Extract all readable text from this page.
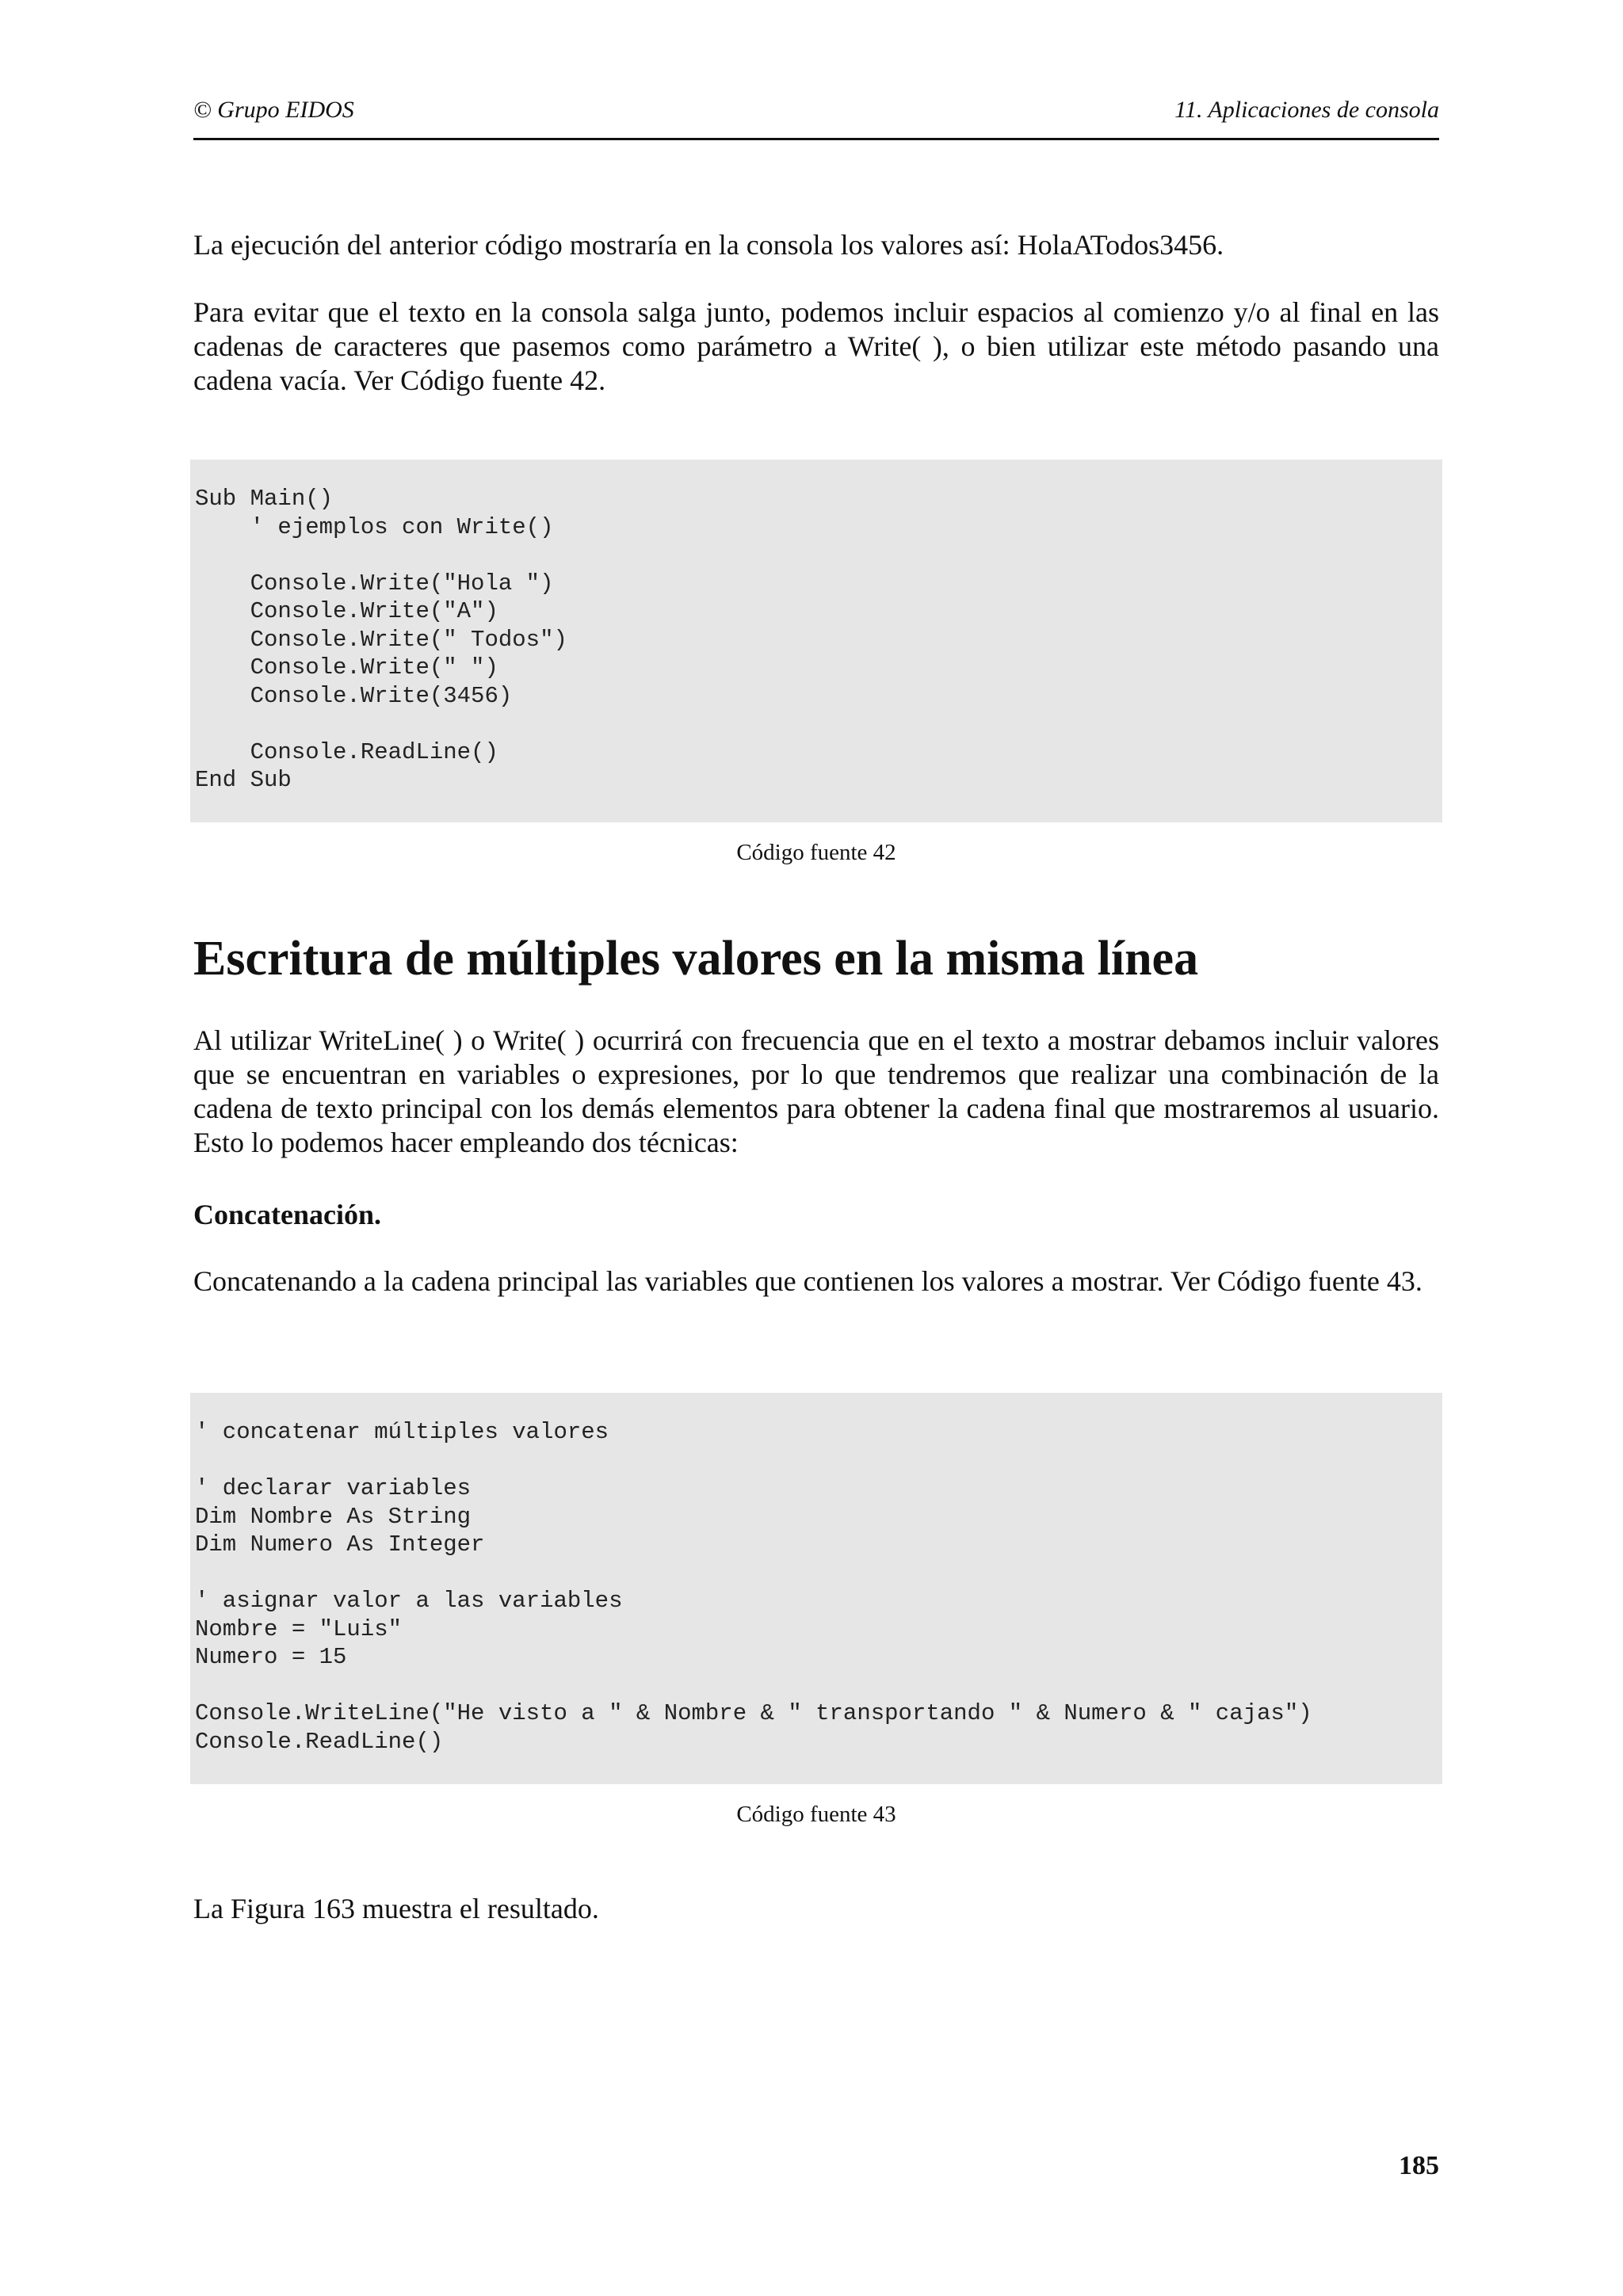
© Grupo EIDOS	11. Aplicaciones de consola

La ejecución del anterior código mostraría en la consola los valores así: HolaATodos3456.

Para evitar que el texto en la consola salga junto, podemos incluir espacios al comienzo y/o al final en las cadenas de caracteres que pasemos como parámetro a Write( ), o bien utilizar este método pasando una cadena vacía. Ver Código fuente 42.

Sub Main()
' ejemplos con Write()

Console.Write("Hola ")
Console.Write("A")
Console.Write(" Todos")
Console.Write(" ")
Console.Write(3456)

Console.ReadLine()
End Sub
Código fuente 42
Escritura de múltiples valores en la misma línea

Al utilizar WriteLine( ) o Write( ) ocurrirá con frecuencia que en el texto a mostrar debamos incluir valores que se encuentran en variables o expresiones, por lo que tendremos que realizar una combinación de la cadena de texto principal con los demás elementos para obtener la cadena final que mostraremos al usuario. Esto lo podemos hacer empleando dos técnicas:

Concatenación.

Concatenando a la cadena principal las variables que contienen los valores a mostrar. Ver Código fuente 43.

' concatenar múltiples valores

' declarar variables
Dim Nombre As String
Dim Numero As Integer

' asignar valor a las variables
Nombre = "Luis"
Numero = 15

Console.WriteLine("He visto a " & Nombre & " transportando " & Numero & " cajas")
Console.ReadLine()
Código fuente 43

La Figura 163 muestra el resultado.

185
